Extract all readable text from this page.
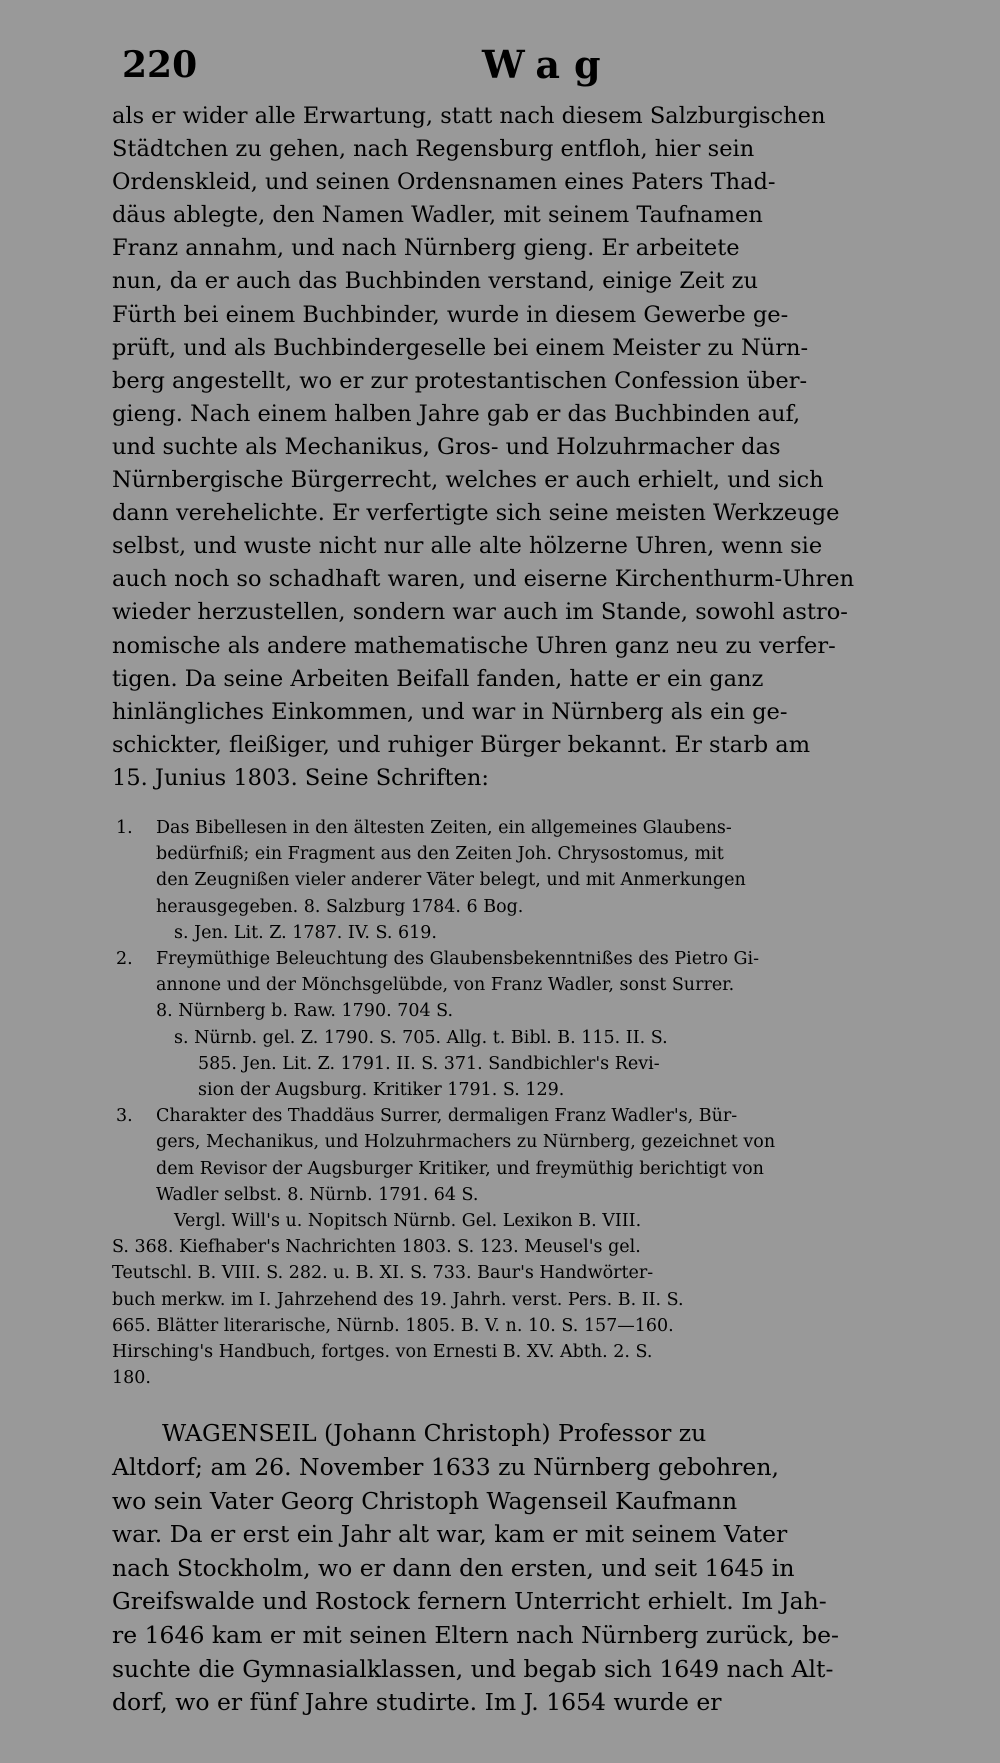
220	Wag
als er wider alle Erwartung, statt nach diesem Salzburgischen
Städtchen zu gehen, nach Regensburg entfloh, hier sein
Ordenskleid, und seinen Ordensnamen eines Paters Thad-
däus ablegte, den Namen Wadler, mit seinem Taufnamen
Franz annahm, und nach Nürnberg gieng. Er arbeitete
nun, da er auch das Buchbinden verstand, einige Zeit zu
Fürth bei einem Buchbinder, wurde in diesem Gewerbe ge-
prüft, und als Buchbindergeselle bei einem Meister zu Nürn-
berg angestellt, wo er zur protestantischen Confession über-
gieng. Nach einem halben Jahre gab er das Buchbinden auf,
und suchte als Mechanikus, Gros- und Holzuhrmacher das
Nürnbergische Bürgerrecht, welches er auch erhielt, und sich
dann verehelichte. Er verfertigte sich seine meisten Werkzeuge
selbst, und wuste nicht nur alle alte hölzerne Uhren, wenn sie
auch noch so schadhaft waren, und eiserne Kirchenthurm-Uhren
wieder herzustellen, sondern war auch im Stande, sowohl astro-
nomische als andere mathematische Uhren ganz neu zu verfer-
tigen. Da seine Arbeiten Beifall fanden, hatte er ein ganz
hinlängliches Einkommen, und war in Nürnberg als ein ge-
schickter, fleißiger, und ruhiger Bürger bekannt. Er starb am
15. Junius 1803. Seine Schriften:
1. Das Bibellesen in den ältesten Zeiten, ein allgemeines Glaubens-
bedürfniß; ein Fragment aus den Zeiten Joh. Chrysostomus, mit
den Zeugnißen vieler anderer Väter belegt, und mit Anmerkungen
herausgegeben. 8. Salzburg 1784. 6 Bog.
s. Jen. Lit. Z. 1787. IV. S. 619.
2. Freymüthige Beleuchtung des Glaubensbekenntnißes des Pietro Gi-
annone und der Mönchsgelübde, von Franz Wadler, sonst Surrer.
8. Nürnberg b. Raw. 1790. 704 S.
s. Nürnb. gel. Z. 1790. S. 705. Allg. t. Bibl. B. 115. II. S.
585. Jen. Lit. Z. 1791. II. S. 371. Sandbichler's Revi-
sion der Augsburg. Kritiker 1791. S. 129.
3. Charakter des Thaddäus Surrer, dermaligen Franz Wadler's, Bür-
gers, Mechanikus, und Holzuhrmachers zu Nürnberg, gezeichnet von
dem Revisor der Augsburger Kritiker, und freymüthig berichtigt von
Wadler selbst. 8. Nürnb. 1791. 64 S.
Vergl. Will's u. Nopitsch Nürnb. Gel. Lexikon B. VIII.
S. 368. Kiefhaber's Nachrichten 1803. S. 123. Meusel's gel.
Teutschl. B. VIII. S. 282. u. B. XI. S. 733. Baur's Handwörter-
buch merkw. im I. Jahrzehend des 19. Jahrh. verst. Pers. B. II. S.
665. Blätter literarische, Nürnb. 1805. B. V. n. 10. S. 157—160.
Hirsching's Handbuch, fortges. von Ernesti B. XV. Abth. 2. S.
180.
WAGENSEIL (Johann Christoph) Professor zu
Altdorf; am 26. November 1633 zu Nürnberg gebohren,
wo sein Vater Georg Christoph Wagenseil Kaufmann
war. Da er erst ein Jahr alt war, kam er mit seinem Vater
nach Stockholm, wo er dann den ersten, und seit 1645 in
Greifswalde und Rostock fernern Unterricht erhielt. Im Jah-
re 1646 kam er mit seinen Eltern nach Nürnberg zurück, be-
suchte die Gymnasialklassen, und begab sich 1649 nach Alt-
dorf, wo er fünf Jahre studirte. Im J. 1654 wurde er
